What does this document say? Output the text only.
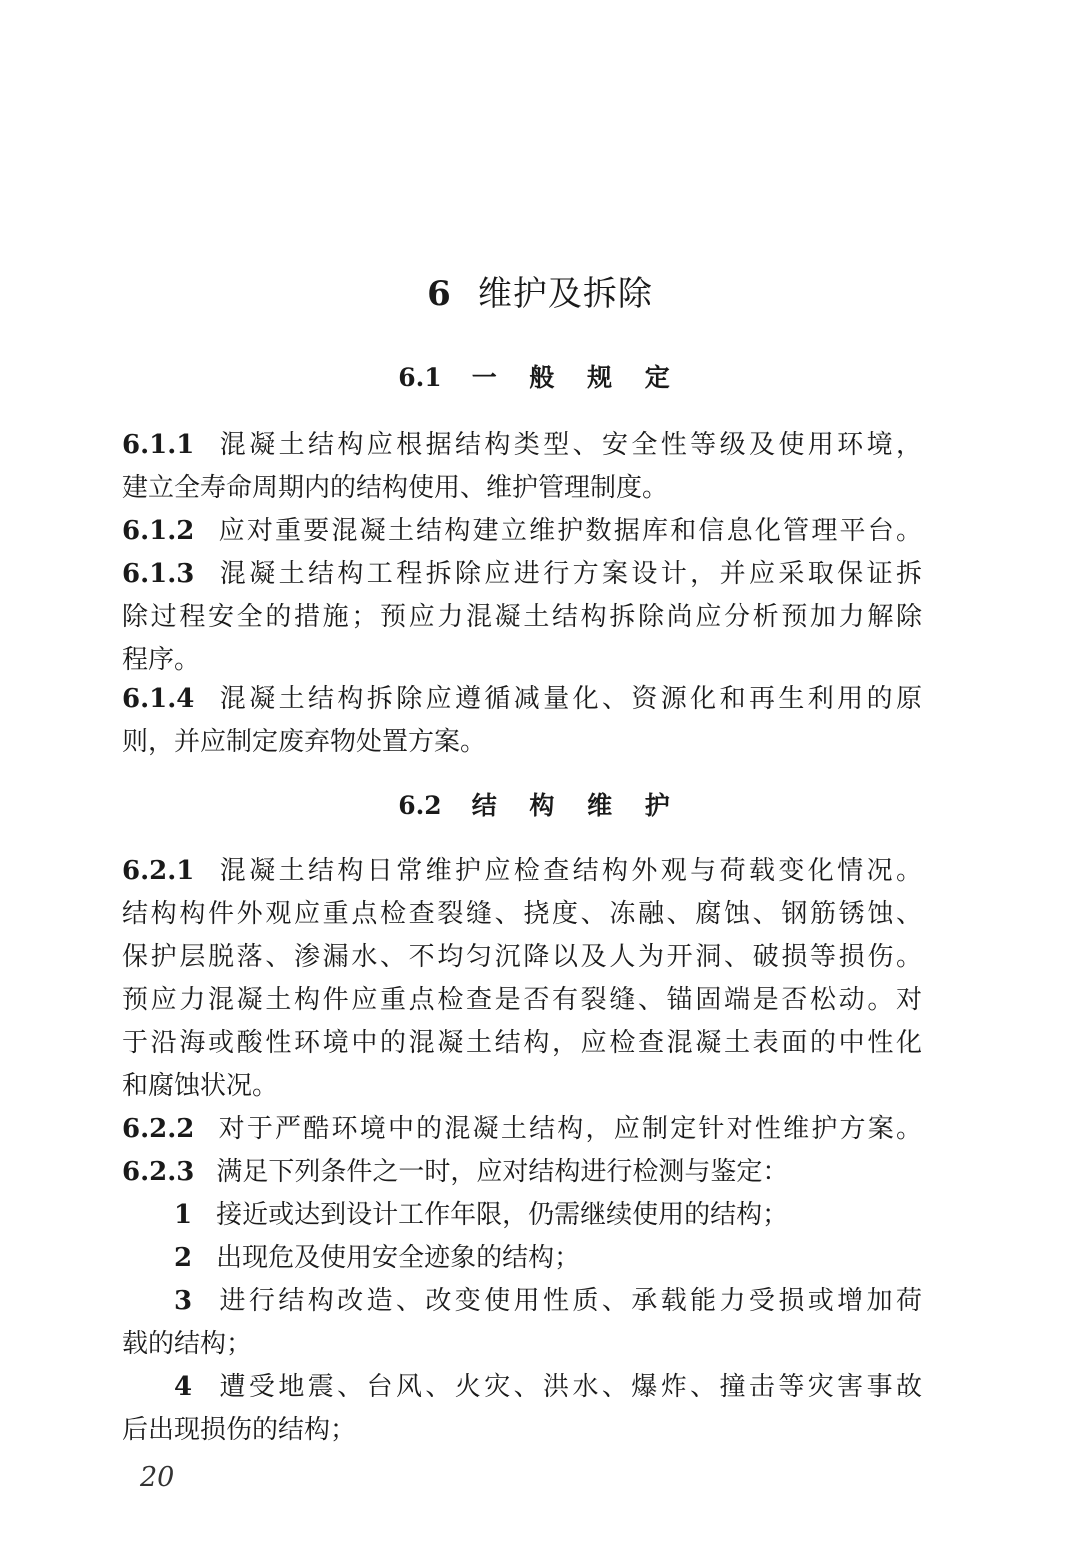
6 维护及拆除
6.1 一 般 规 定
6.1.1 混凝土结构应根据结构类型、安全性等级及使用环境，
建立全寿命周期内的结构使用、维护管理制度。
6.1.2 应对重要混凝土结构建立维护数据库和信息化管理平台。
6.1.3 混凝土结构工程拆除应进行方案设计，并应采取保证拆
除过程安全的措施；预应力混凝土结构拆除尚应分析预加力解除
程序。
6.1.4 混凝土结构拆除应遵循减量化、资源化和再生利用的原
则，并应制定废弃物处置方案。
6.2 结 构 维 护
6.2.1 混凝土结构日常维护应检查结构外观与荷载变化情况。
结构构件外观应重点检查裂缝、挠度、冻融、腐蚀、钢筋锈蚀、
保护层脱落、渗漏水、不均匀沉降以及人为开洞、破损等损伤。
预应力混凝土构件应重点检查是否有裂缝、锚固端是否松动。对
于沿海或酸性环境中的混凝土结构，应检查混凝土表面的中性化
和腐蚀状况。
6.2.2 对于严酷环境中的混凝土结构，应制定针对性维护方案。
6.2.3 满足下列条件之一时，应对结构进行检测与鉴定：
1 接近或达到设计工作年限，仍需继续使用的结构；
2 出现危及使用安全迹象的结构；
3 进行结构改造、改变使用性质、承载能力受损或增加荷
载的结构；
4 遭受地震、台风、火灾、洪水、爆炸、撞击等灾害事故
后出现损伤的结构；
20
